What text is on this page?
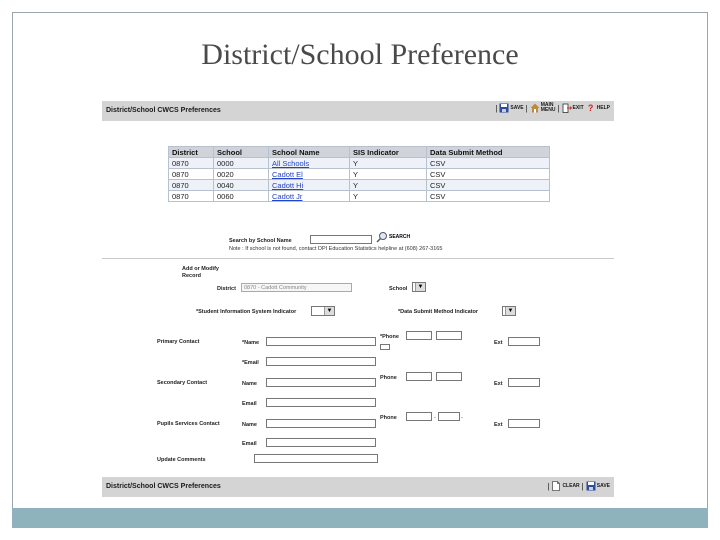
District/School Preference
District/School CWCS Preferences	|	SAVE |	MAIN
MENU |	EXIT ? HELP
District	School	School Name	SIS Indicator	Data Submit Method
0870	0000	All Schools	Y	CSV
0870	0020	Cadott El	Y	CSV
0870	0040	Cadott Hi	Y	CSV
0870	0060	Cadott Jr	Y	CSV
Search by School Name
SEARCH
Note : If school is not found, contact DPI Education Statistics helpline at (608) 267-3165
Add or Modify
Record
District	0870 - Cadott Community	School	▼
*Student Information System Indicator	▼	*Data Submit Method Indicator	▼
Primary Contact	*Name
*Email
*Phone
Ext
Secondary Contact	Name
Email
Phone
Ext
Pupils Services Contact	Name
Email
Phone	-	-
Ext
Update Comments
District/School CWCS Preferences	|	CLEAR |	SAVE
